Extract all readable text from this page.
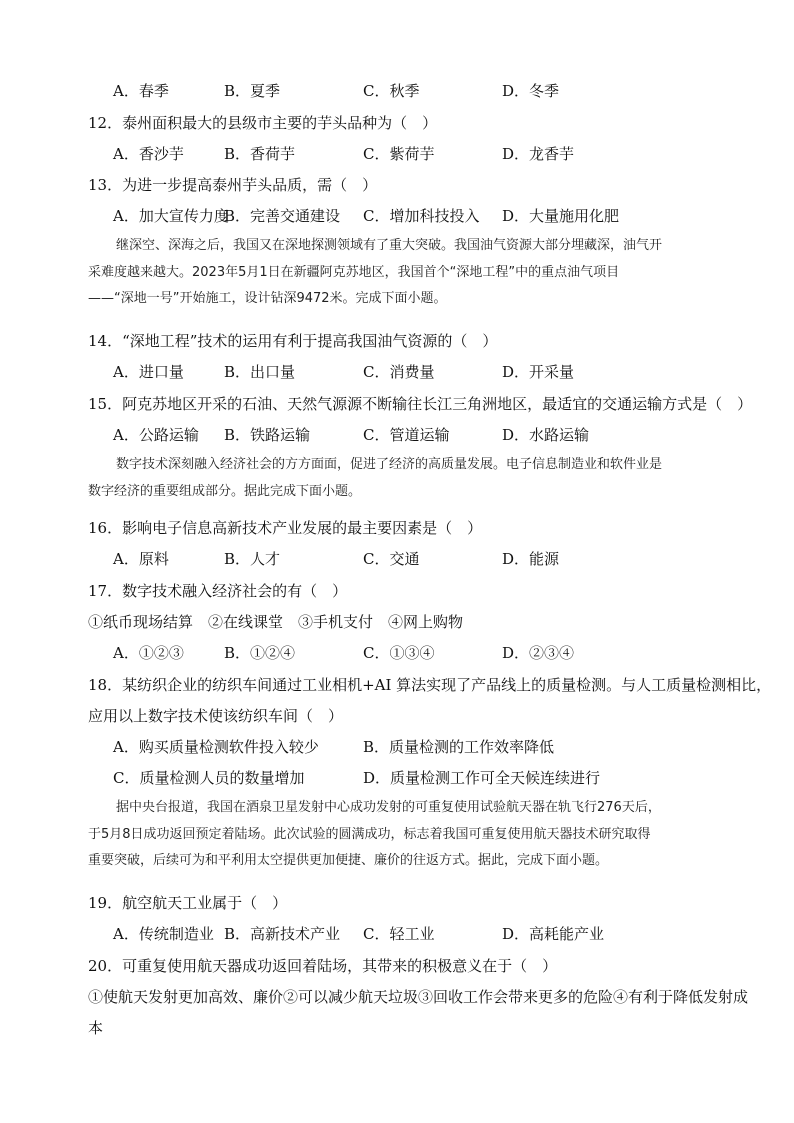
A．春季	B．夏季	C．秋季	D．冬季
12．泰州面积最大的县级市主要的芋头品种为（　）
A．香沙芋	B．香荷芋	C．紫荷芋	D．龙香芋
13．为进一步提高泰州芋头品质，需（　）
A．加大宣传力度
B．完善交通建设 C．增加科技投入 D．大量施用化肥

继深空、深海之后，我国又在深地探测领域有了重大突破。我国油气资源大部分埋藏深，油气开

采难度越来越大。2023年5月1日在新疆阿克苏地区，我国首个“深地工程”中的重点油气项目

——“深地一号”开始施工，设计钻深9472米。完成下面小题。

14．“深地工程”技术的运用有利于提高我国油气资源的（　）
A．进口量	B．出口量	C．消费量	D．开采量
15．阿克苏地区开采的石油、天然气源源不断输往长江三角洲地区，最适宜的交通运输方式是（　）
A．公路运输 B．铁路运输	C．管道运输	D．水路运输

数字技术深刻融入经济社会的方方面面，促进了经济的高质量发展。电子信息制造业和软件业是

数字经济的重要组成部分。据此完成下面小题。

16．影响电子信息高新技术产业发展的最主要因素是（　）
A．原料	B．人才	C．交通	D．能源
17．数字技术融入经济社会的有（　）
①纸币现场结算　②在线课堂　③手机支付　④网上购物
A．①②③	B．①②④	C．①③④	D．②③④
18．某纺织企业的纺织车间通过工业相机+AI 算法实现了产品线上的质量检测。与人工质量检测相比，
应用以上数字技术使该纺织车间（　）
A．购买质量检测软件投入较少	B．质量检测的工作效率降低
C．质量检测人员的数量增加	D．质量检测工作可全天候连续进行

据中央台报道，我国在酒泉卫星发射中心成功发射的可重复使用试验航天器在轨飞行276天后，

于5月8日成功返回预定着陆场。此次试验的圆满成功，标志着我国可重复使用航天器技术研究取得

重要突破，后续可为和平利用太空提供更加便捷、廉价的往返方式。据此，完成下面小题。

19．航空航天工业属于（　）
A．传统制造业 B．高新技术产业 C．轻工业	D．高耗能产业
20．可重复使用航天器成功返回着陆场，其带来的积极意义在于（　）
①使航天发射更加高效、廉价②可以减少航天垃圾③回收工作会带来更多的危险④有利于降低发射成
本
